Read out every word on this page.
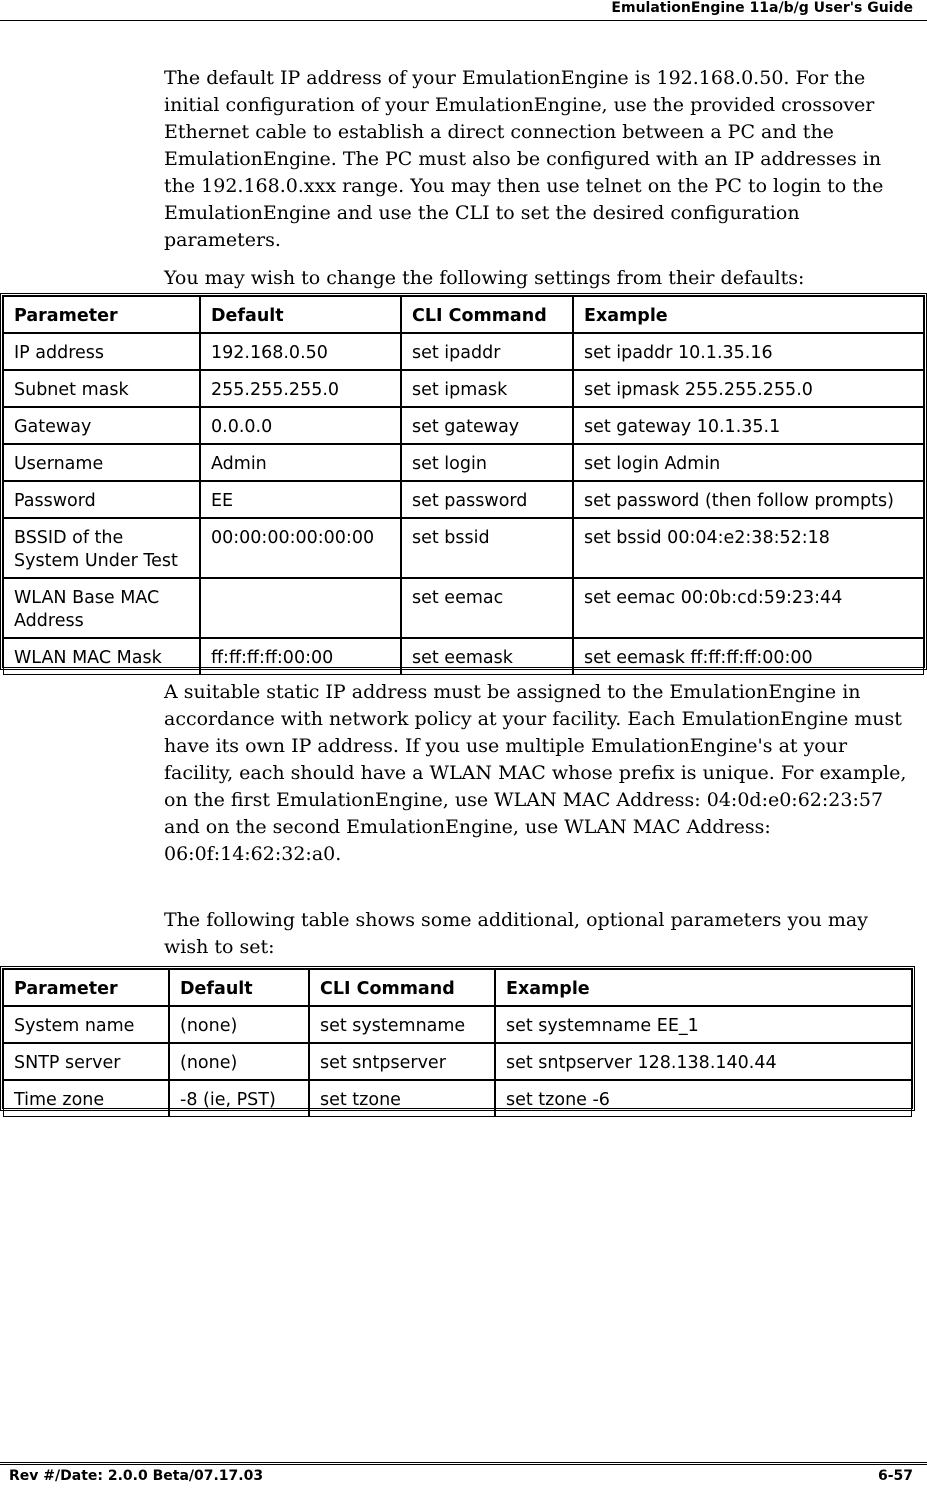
EmulationEngine 11a/b/g User's Guide

The default IP address of your EmulationEngine is 192.168.0.50. For the initial configuration of your EmulationEngine, use the provided crossover Ethernet cable to establish a direct connection between a PC and the EmulationEngine. The PC must also be configured with an IP addresses in the 192.168.0.xxx range. You may then use telnet on the PC to login to the EmulationEngine and use the CLI to set the desired configuration parameters.

You may wish to change the following settings from their defaults:

Parameter	Default	CLI Command	Example
IP address	192.168.0.50	set ipaddr	set ipaddr 10.1.35.16
Subnet mask	255.255.255.0	set ipmask	set ipmask 255.255.255.0
Gateway	0.0.0.0	set gateway	set gateway 10.1.35.1
Username	Admin	set login	set login Admin
Password	EE	set password	set password (then follow prompts)
BSSID of the System Under Test	00:00:00:00:00:00	set bssid	set bssid 00:04:e2:38:52:18
WLAN Base MAC Address		set eemac	set eemac 00:0b:cd:59:23:44
WLAN MAC Mask	ff:ff:ff:ff:00:00	set eemask	set eemask ff:ff:ff:ff:00:00

A suitable static IP address must be assigned to the EmulationEngine in accordance with network policy at your facility. Each EmulationEngine must have its own IP address. If you use multiple EmulationEngine's at your facility, each should have a WLAN MAC whose prefix is unique. For example, on the first EmulationEngine, use WLAN MAC Address: 04:0d:e0:62:23:57 and on the second EmulationEngine, use WLAN MAC Address: 06:0f:14:62:32:a0.

The following table shows some additional, optional parameters you may wish to set:

Parameter	Default	CLI Command	Example
System name	(none)	set systemname	set systemname EE_1
SNTP server	(none)	set sntpserver	set sntpserver 128.138.140.44
Time zone	-8 (ie, PST)	set tzone	set tzone -6
Rev #/Date: 2.0.0 Beta/07.17.03	6-57
